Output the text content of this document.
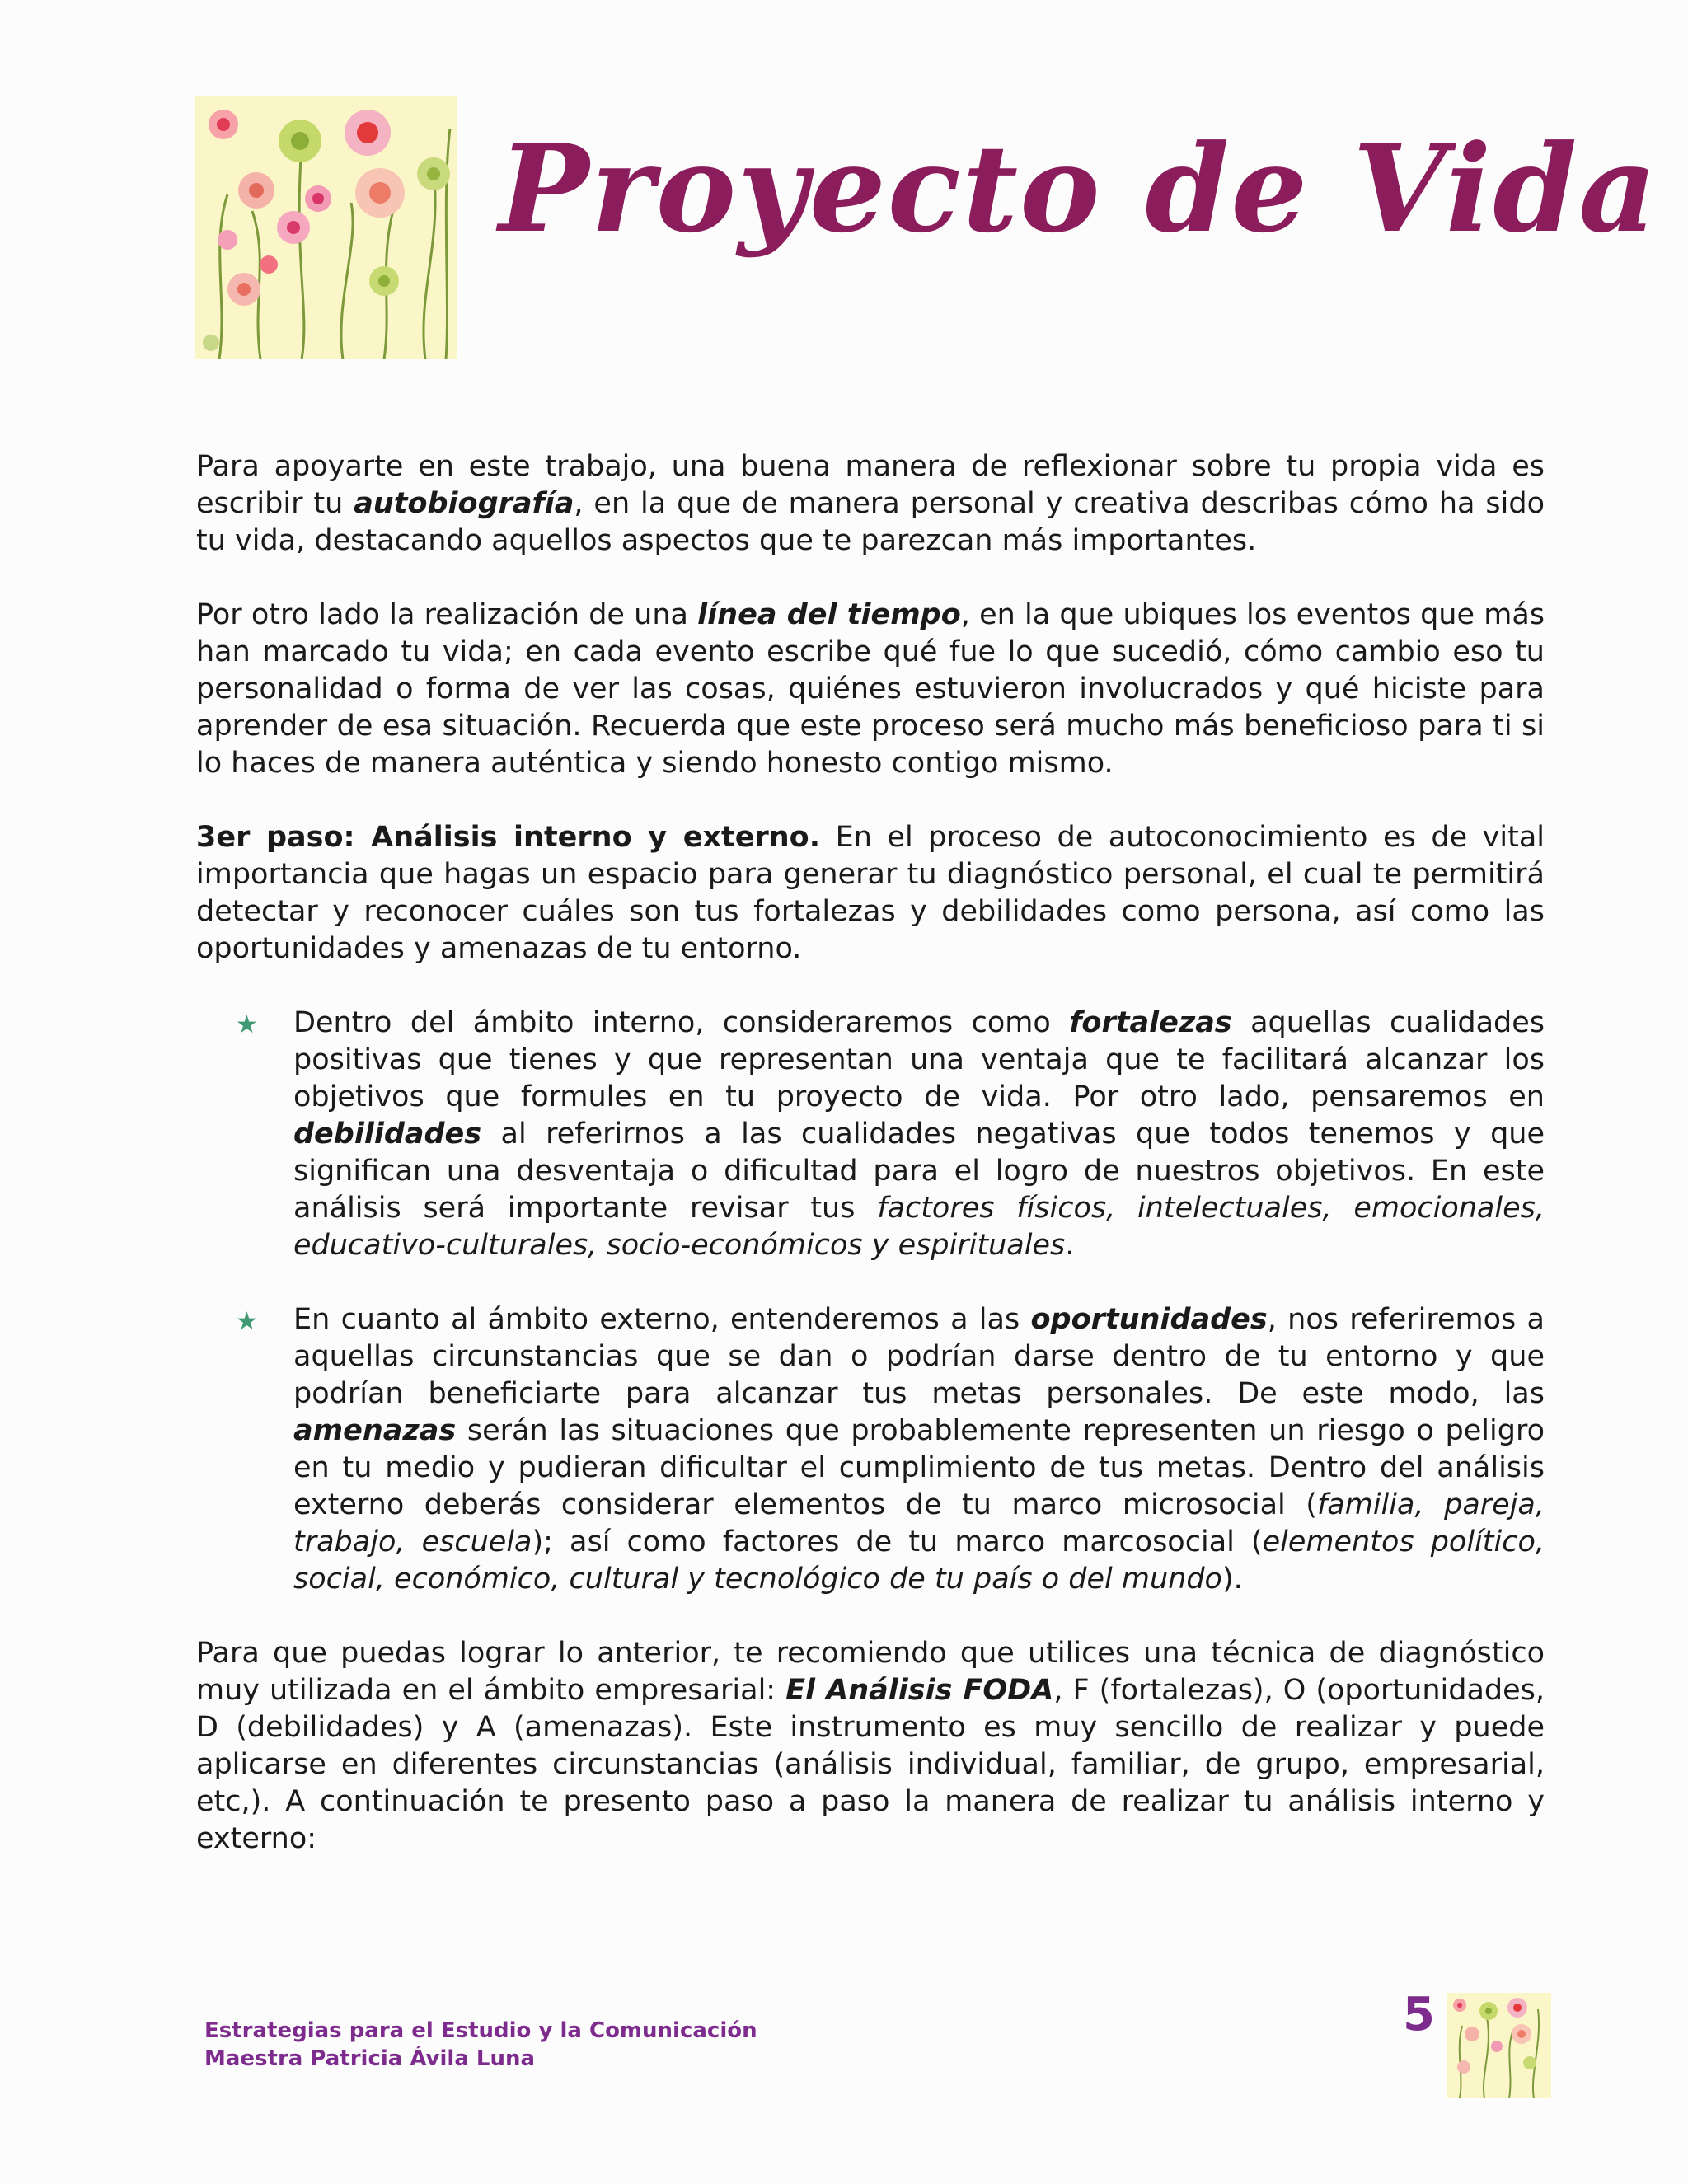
Proyecto de Vida

Para apoyarte en este trabajo, una buena manera de reflexionar sobre tu propia vida es escribir tu autobiografía, en la que de manera personal y creativa describas cómo ha sido tu vida, destacando aquellos aspectos que te parezcan más importantes.

Por otro lado la realización de una línea del tiempo, en la que ubiques los eventos que más han marcado tu vida; en cada evento escribe qué fue lo que sucedió, cómo cambio eso tu personalidad o forma de ver las cosas, quiénes estuvieron involucrados y qué hiciste para aprender de esa situación. Recuerda que este proceso será mucho más beneficioso para ti si lo haces de manera auténtica y siendo honesto contigo mismo.

3er paso: Análisis interno y externo. En el proceso de autoconocimiento es de vital importancia que hagas un espacio para generar tu diagnóstico personal, el cual te permitirá detectar y reconocer cuáles son tus fortalezas y debilidades como persona, así como las oportunidades y amenazas de tu entorno.

★ Dentro del ámbito interno, consideraremos como fortalezas aquellas cualidades positivas que tienes y que representan una ventaja que te facilitará alcanzar los objetivos que formules en tu proyecto de vida. Por otro lado, pensaremos en debilidades al referirnos a las cualidades negativas que todos tenemos y que significan una desventaja o dificultad para el logro de nuestros objetivos. En este análisis será importante revisar tus factores físicos, intelectuales, emocionales, educativo-culturales, socio-económicos y espirituales.
★ En cuanto al ámbito externo, entenderemos a las oportunidades, nos referiremos a aquellas circunstancias que se dan o podrían darse dentro de tu entorno y que podrían beneficiarte para alcanzar tus metas personales. De este modo, las amenazas serán las situaciones que probablemente representen un riesgo o peligro en tu medio y pudieran dificultar el cumplimiento de tus metas. Dentro del análisis externo deberás considerar elementos de tu marco microsocial (familia, pareja, trabajo, escuela); así como factores de tu marco marcosocial (elementos político, social, económico, cultural y tecnológico de tu país o del mundo).

Para que puedas lograr lo anterior, te recomiendo que utilices una técnica de diagnóstico muy utilizada en el ámbito empresarial: El Análisis FODA, F (fortalezas), O (oportunidades, D (debilidades) y A (amenazas). Este instrumento es muy sencillo de realizar y puede aplicarse en diferentes circunstancias (análisis individual, familiar, de grupo, empresarial, etc,). A continuación te presento paso a paso la manera de realizar tu análisis interno y externo:

Estrategias para el Estudio y la Comunicación
Maestra Patricia Ávila Luna
5
